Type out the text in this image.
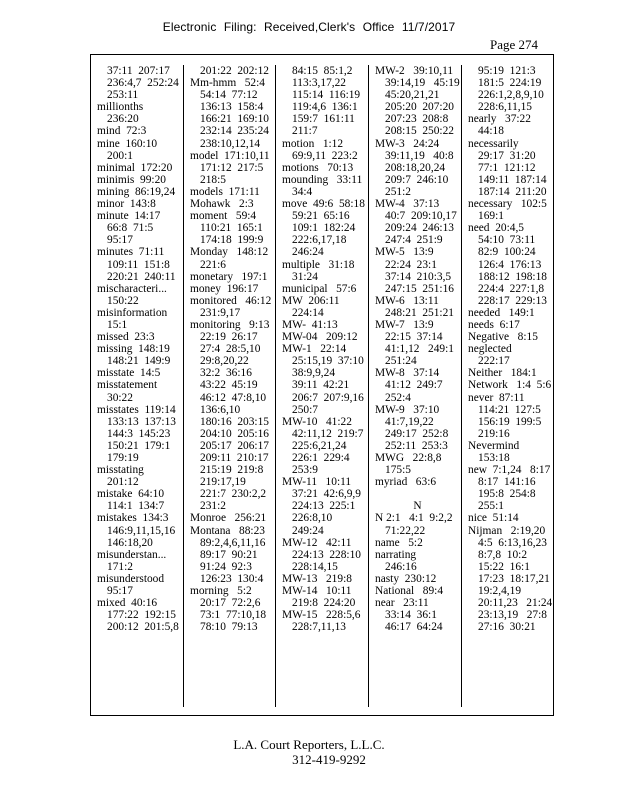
Electronic Filing: Received,Clerk's Office 11/7/2017
Page 274
37:11  207:17
236:4,7  252:24
253:11
millionths
236:20
mind  72:3
mine  160:10
200:1
minimal  172:20
minimis  99:20
mining  86:19,24
minor  143:8
minute  14:17
66:8  71:5
95:17
minutes  71:11
109:11  151:8
220:21  240:11
mischaracteri...
150:22
misinformation
15:1
missed  23:3
missing  148:19
148:21  149:9
misstate  14:5
misstatement
30:22
misstates  119:14
133:13  137:13
144:3  145:23
150:21  179:1
179:19
misstating
201:12
mistake  64:10
114:1  134:7
mistakes  134:3
146:9,11,15,16
146:18,20
misunderstan...
171:2
misunderstood
95:17
mixed  40:16
177:22  192:15
200:12  201:5,8
201:22  202:12
Mm-hmm   52:4
54:14  77:12
136:13  158:4
166:21  169:10
232:14  235:24
238:10,12,14
model  171:10,11
171:12  217:5
218:5
models  171:11
Mohawk   2:3
moment   59:4
110:21  165:1
174:18  199:9
Monday   148:12
221:6
monetary   197:1
money  196:17
monitored   46:12
231:9,17
monitoring   9:13
22:19  26:17
27:4  28:5,10
29:8,20,22
32:2  36:16
43:22  45:19
46:12  47:8,10
136:6,10
180:16  203:15
204:10  205:16
205:17  206:17
209:11  210:17
215:19  219:8
219:17,19
221:7  230:2,2
231:2
Monroe   256:21
Montana   88:23
89:2,4,6,11,16
89:17  90:21
91:24  92:3
126:23  130:4
morning   5:2
20:17  72:2,6
73:1  77:10,18
78:10  79:13
84:15  85:1,2
113:3,17,22
115:14  116:19
119:4,6  136:1
159:7  161:11
211:7
motion   1:12
69:9,11  223:2
motions   70:13
mounding   33:11
34:4
move  49:6  58:18
59:21  65:16
109:1  182:24
222:6,17,18
246:24
multiple   31:18
31:24
municipal   57:6
MW  206:11
224:14
MW-  41:13
MW-04   209:12
MW-1   22:14
25:15,19  37:10
38:9,9,24
39:11  42:21
206:7  207:9,16
250:7
MW-10   41:22
42:11,12  219:7
225:6,21,24
226:1  229:4
253:9
MW-11   10:11
37:21  42:6,9,9
224:13  225:1
226:8,10
249:24
MW-12   42:11
224:13  228:10
228:14,15
MW-13   219:8
MW-14   10:11
219:8  224:20
MW-15   228:5,6
228:7,11,13
MW-2   39:10,11
39:14,19   45:19
45:20,21,21
205:20  207:20
207:23  208:8
208:15  250:22
MW-3   24:24
39:11,19   40:8
208:18,20,24
209:7  246:10
251:2
MW-4   37:13
40:7  209:10,17
209:24  246:13
247:4  251:9
MW-5   13:9
22:24  23:1
37:14  210:3,5
247:15  251:16
MW-6   13:11
248:21  251:21
MW-7   13:9
22:15  37:14
41:1,12   249:1
251:24
MW-8   37:14
41:12  249:7
252:4
MW-9   37:10
41:7,19,22
249:17  252:8
252:11  253:3
MWG   22:8,8
175:5
myriad   63:6
N
N 2:1   4:1  9:2,2
71:22,22
name   5:2
narrating
246:16
nasty  230:12
National   89:4
near   23:11
33:14  36:1
46:17  64:24
95:19  121:3
181:5  224:19
226:1,2,8,9,10
228:6,11,15
nearly   37:22
44:18
necessarily
29:17  31:20
77:1  121:12
149:11  187:14
187:14  211:20
necessary   102:5
169:1
need  20:4,5
54:10  73:11
82:9  100:24
126:4  176:13
188:12  198:18
224:4  227:1,8
228:17  229:13
needed   149:1
needs  6:17
Negative   8:15
neglected
222:17
Neither   184:1
Network   1:4  5:6
never  87:11
114:21  127:5
156:19  199:5
219:16
Nevermind
153:18
new  7:1,24   8:17
8:17  141:16
195:8  254:8
255:1
nice  51:14
Nijman   2:19,20
4:5  6:13,16,23
8:7,8  10:2
15:22  16:1
17:23  18:17,21
19:2,4,19
20:11,23   21:24
23:13,19   27:8
27:16  30:21
L.A. Court Reporters, L.L.C.
312-419-9292
